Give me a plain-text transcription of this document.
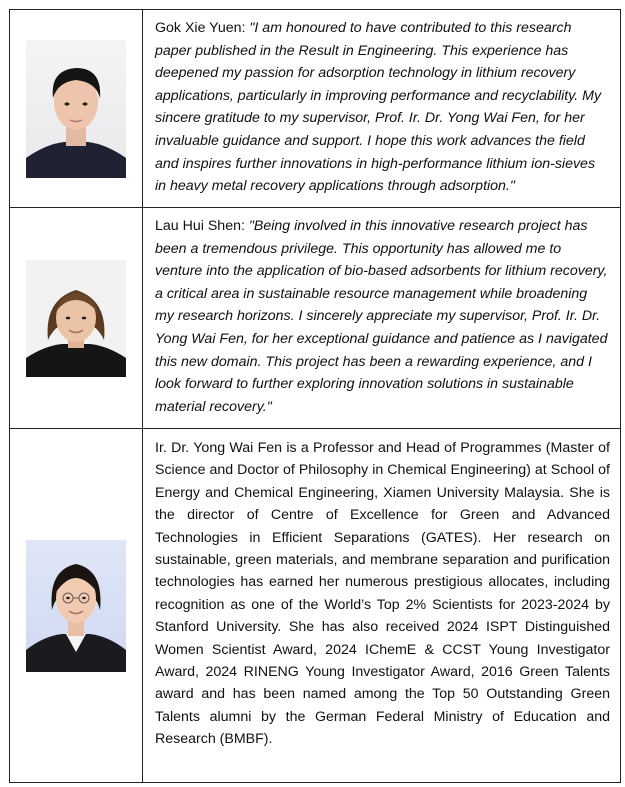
Gok Xie Yuen: "I am honoured to have contributed to this research paper published in the Result in Engineering. This experience has deepened my passion for adsorption technology in lithium recovery applications, particularly in improving performance and recyclability. My sincere gratitude to my supervisor, Prof. Ir. Dr. Yong Wai Fen, for her invaluable guidance and support. I hope this work advances the field and inspires further innovations in high-performance lithium ion-sieves in heavy metal recovery applications through adsorption."
Lau Hui Shen: "Being involved in this innovative research project has been a tremendous privilege. This opportunity has allowed me to venture into the application of bio-based adsorbents for lithium recovery, a critical area in sustainable resource management while broadening my research horizons. I sincerely appreciate my supervisor, Prof. Ir. Dr. Yong Wai Fen, for her exceptional guidance and patience as I navigated this new domain. This project has been a rewarding experience, and I look forward to further exploring innovation solutions in sustainable material recovery."
Ir. Dr. Yong Wai Fen is a Professor and Head of Programmes (Master of Science and Doctor of Philosophy in Chemical Engineering) at School of Energy and Chemical Engineering, Xiamen University Malaysia. She is the director of Centre of Excellence for Green and Advanced Technologies in Efficient Separations (GATES). Her research on sustainable, green materials, and membrane separation and purification technologies has earned her numerous prestigious allocates, including recognition as one of the World’s Top 2% Scientists for 2023-2024 by Stanford University. She has also received 2024 ISPT Distinguished Women Scientist Award, 2024 IChemE & CCST Young Investigator Award, 2024 RINENG Young Investigator Award, 2016 Green Talents award and has been named among the Top 50 Outstanding Green Talents alumni by the German Federal Ministry of Education and Research (BMBF).
